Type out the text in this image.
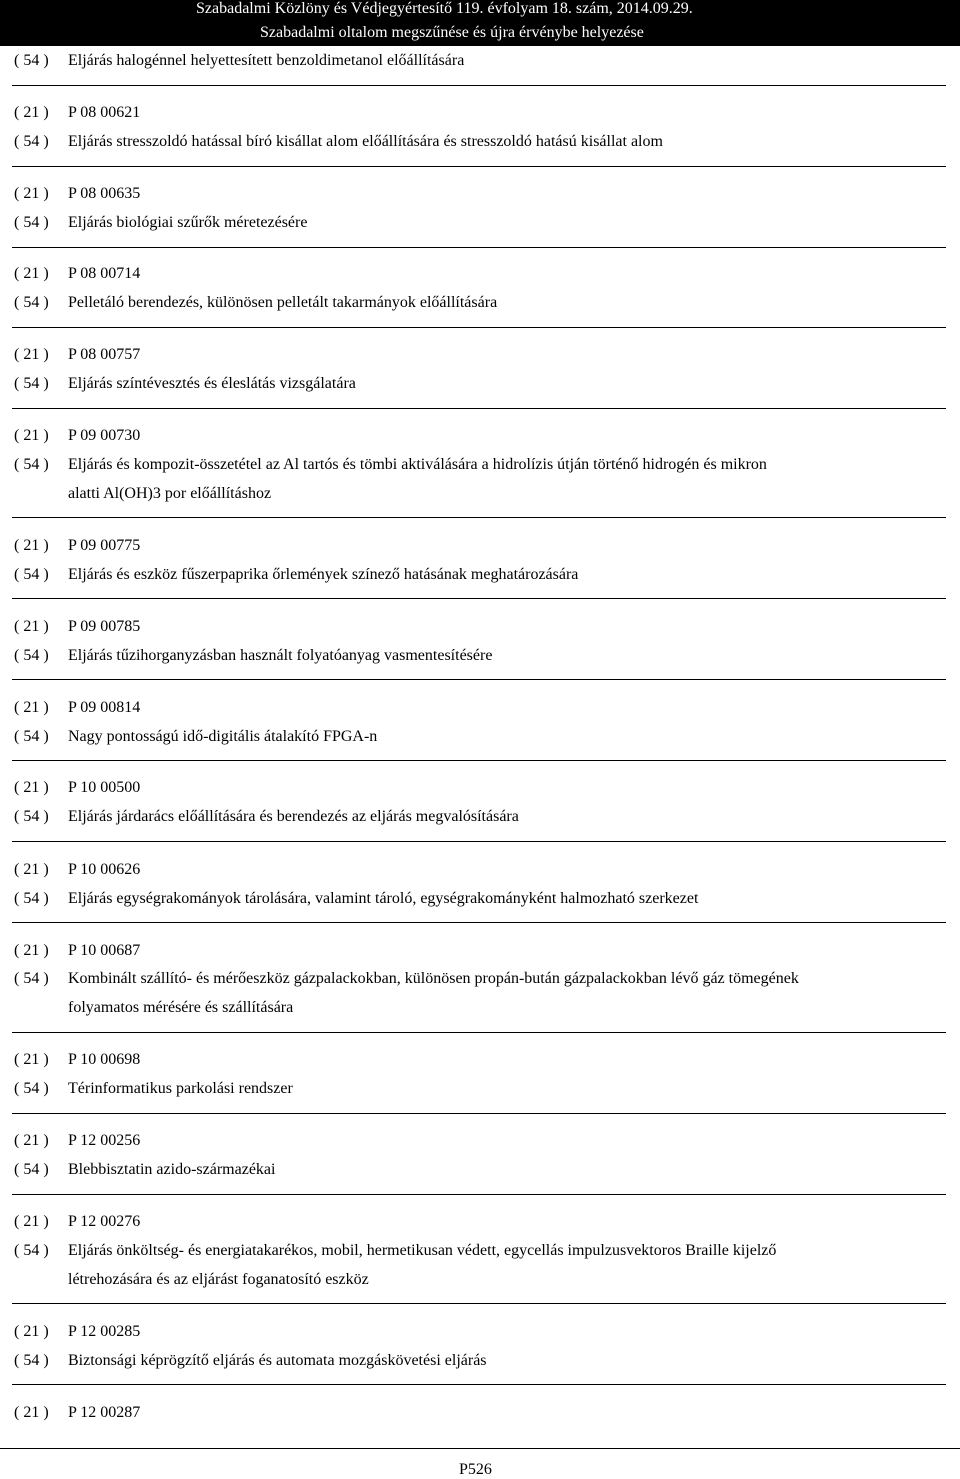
Szabadalmi Közlöny és Védjegyértesítő 119. évfolyam 18. szám, 2014.09.29.
Szabadalmi oltalom megszűnése és újra érvénybe helyezése
( 54 )	Eljárás halogénnel helyettesített benzoldimetanol előállítására
( 21 )	P 08 00621
( 54 )	Eljárás stresszoldó hatással bíró kisállat alom előállítására és stresszoldó hatású kisállat alom
( 21 )	P 08 00635
( 54 )	Eljárás biológiai szűrők méretezésére
( 21 )	P 08 00714
( 54 )	Pelletáló berendezés, különösen pelletált takarmányok előállítására
( 21 )	P 08 00757
( 54 )	Eljárás színtévesztés és éleslátás vizsgálatára
( 21 )	P 09 00730
( 54 )	Eljárás és kompozit-összetétel az Al tartós és tömbi aktiválására a hidrolízis útján történő hidrogén és mikron
alatti Al(OH)3 por előállításhoz
( 21 )	P 09 00775
( 54 )	Eljárás és eszköz fűszerpaprika őrlemények színező hatásának meghatározására
( 21 )	P 09 00785
( 54 )	Eljárás tűzihorganyzásban használt folyatóanyag vasmentesítésére
( 21 )	P 09 00814
( 54 )	Nagy pontosságú idő-digitális átalakító FPGA-n
( 21 )	P 10 00500
( 54 )	Eljárás járdarács előállítására és berendezés az eljárás megvalósítására
( 21 )	P 10 00626
( 54 )	Eljárás egységrakományok tárolására, valamint tároló, egységrakományként halmozható szerkezet
( 21 )	P 10 00687
( 54 )	Kombinált szállító- és mérőeszköz gázpalackokban, különösen propán-bután gázpalackokban lévő gáz tömegének
folyamatos mérésére és szállítására
( 21 )	P 10 00698
( 54 )	Térinformatikus parkolási rendszer
( 21 )	P 12 00256
( 54 )	Blebbisztatin azido-származékai
( 21 )	P 12 00276
( 54 )	Eljárás önköltség- és energiatakarékos, mobil, hermetikusan védett, egycellás impulzusvektoros Braille kijelző
létrehozására és az eljárást foganatosító eszköz
( 21 )	P 12 00285
( 54 )	Biztonsági képrögzítő eljárás és automata mozgáskövetési eljárás
( 21 )	P 12 00287
P526
